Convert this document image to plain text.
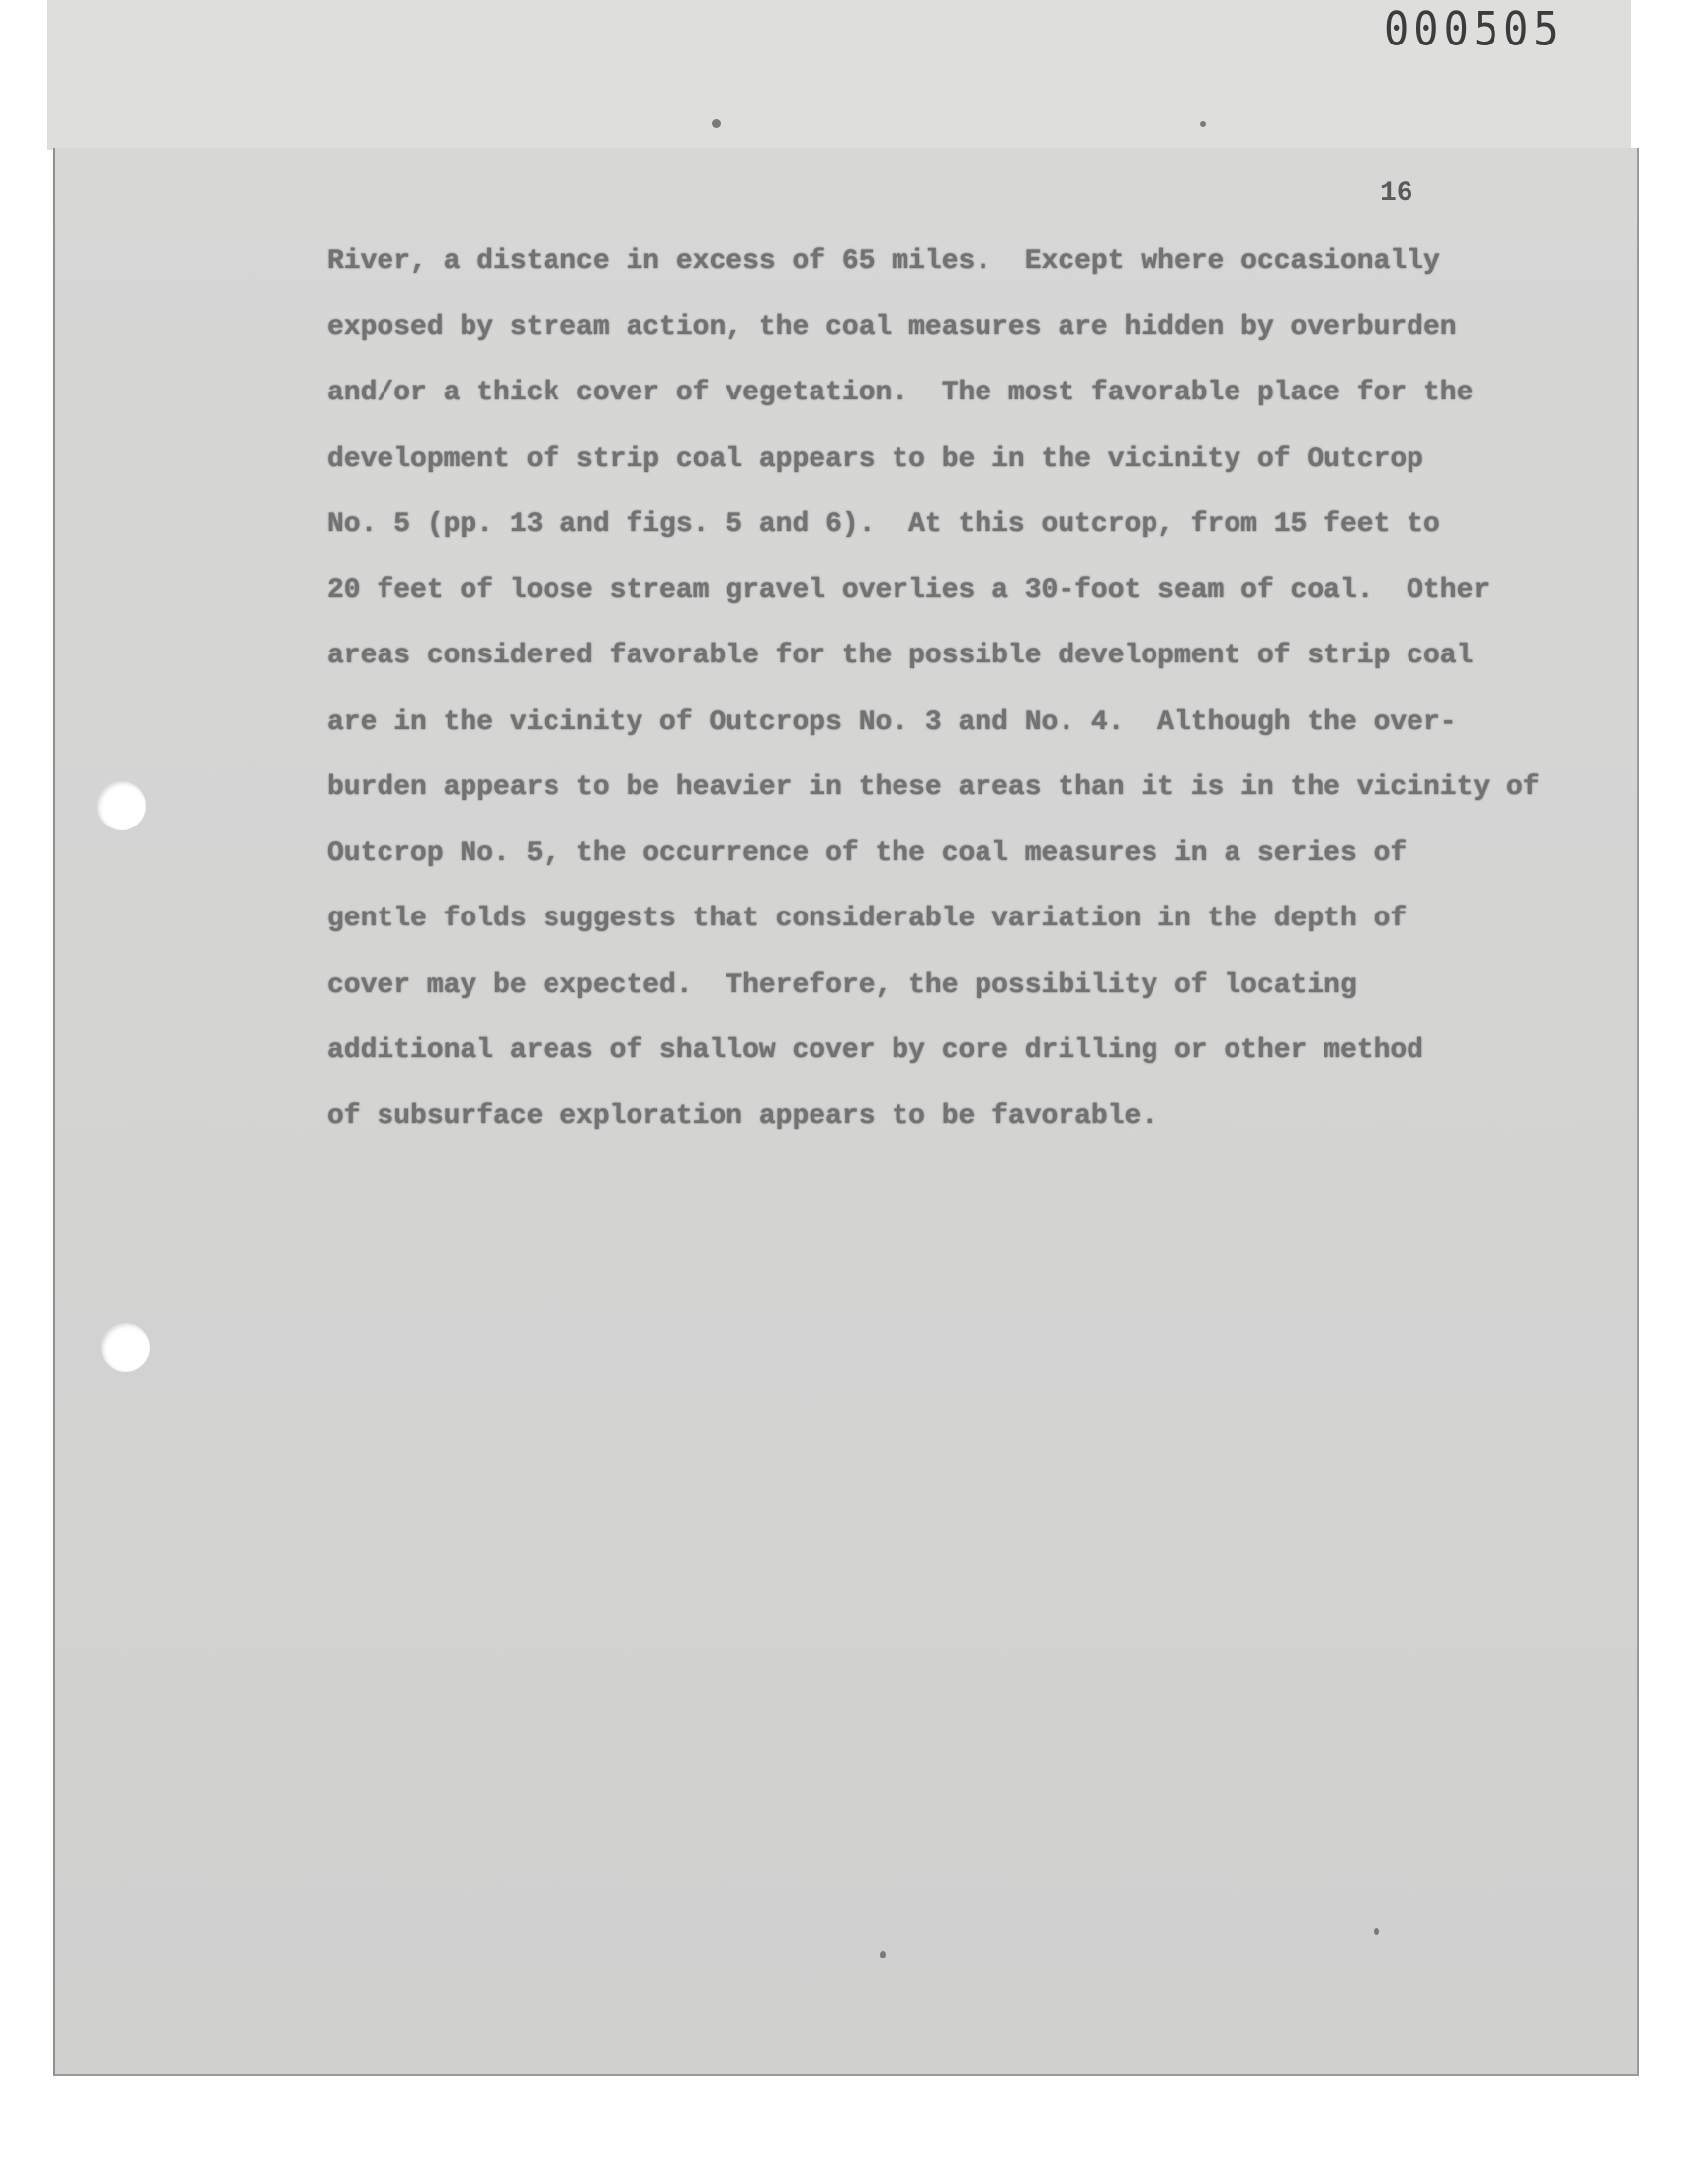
000505
16
River, a distance in excess of 65 miles.  Except where occasionally
exposed by stream action, the coal measures are hidden by overburden
and/or a thick cover of vegetation.  The most favorable place for the
development of strip coal appears to be in the vicinity of Outcrop
No. 5 (pp. 13 and figs. 5 and 6).  At this outcrop, from 15 feet to
20 feet of loose stream gravel overlies a 30-foot seam of coal.  Other
areas considered favorable for the possible development of strip coal
are in the vicinity of Outcrops No. 3 and No. 4.  Although the over-
burden appears to be heavier in these areas than it is in the vicinity of
Outcrop No. 5, the occurrence of the coal measures in a series of
gentle folds suggests that considerable variation in the depth of
cover may be expected.  Therefore, the possibility of locating
additional areas of shallow cover by core drilling or other method
of subsurface exploration appears to be favorable.
